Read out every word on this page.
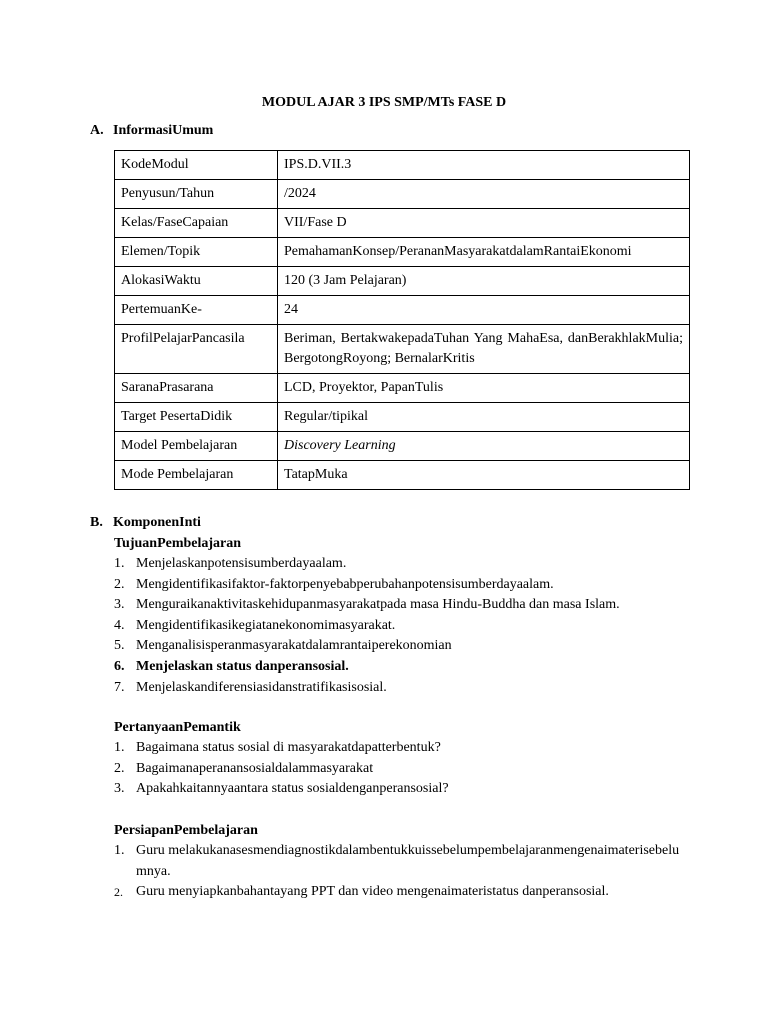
MODUL AJAR 3 IPS SMP/MTs FASE D
A. InformasiUmum
KodeModul	IPS.D.VII.3
Penyusun/Tahun	/2024
Kelas/FaseCapaian	VII/Fase D
Elemen/Topik	PemahamanKonsep/PerananMasyarakatdalamRantaiEkonomi
AlokasiWaktu	120 (3 Jam Pelajaran)
PertemuanKe-	24
ProfilPelajarPancasila	Beriman, BertakwakepadaTuhan Yang MahaEsa, danBerakhlakMulia; BergotongRoyong; BernalarKritis
SaranaPrasarana	LCD, Proyektor, PapanTulis
Target PesertaDidik	Regular/tipikal
Model Pembelajaran	Discovery Learning
Mode Pembelajaran	TatapMuka
B. KomponenInti
TujuanPembelajaran
1. Menjelaskanpotensisumberdayaalam.
2. Mengidentifikasifaktor-faktorpenyebabperubahanpotensisumberdayaalam.
3. Menguraikanaktivitaskehidupanmasyarakatpada masa Hindu-Buddha dan masa Islam.
4. Mengidentifikasikegiatanekonomimasyarakat.
5. Menganalisisperanmasyarakatdalamrantaiperekonomian
6. Menjelaskan status danperansosial.
7. Menjelaskandiferensiasidanstratifikasisosial.
PertanyaanPemantik
1. Bagaimana status sosial di masyarakatdapatterbentuk?
2. Bagaimanaperanansosialdalammasyarakat
3. Apakahkaitannyaantara status sosialdenganperansosial?
PersiapanPembelajaran
1. Guru melakukanasesmendiagnostikdalambentukkuissebelumpembelajaranmengenaimaterisebelumnya.
2. Guru menyiapkanbahantayang PPT dan video mengenaimateristatus danperansosial.
